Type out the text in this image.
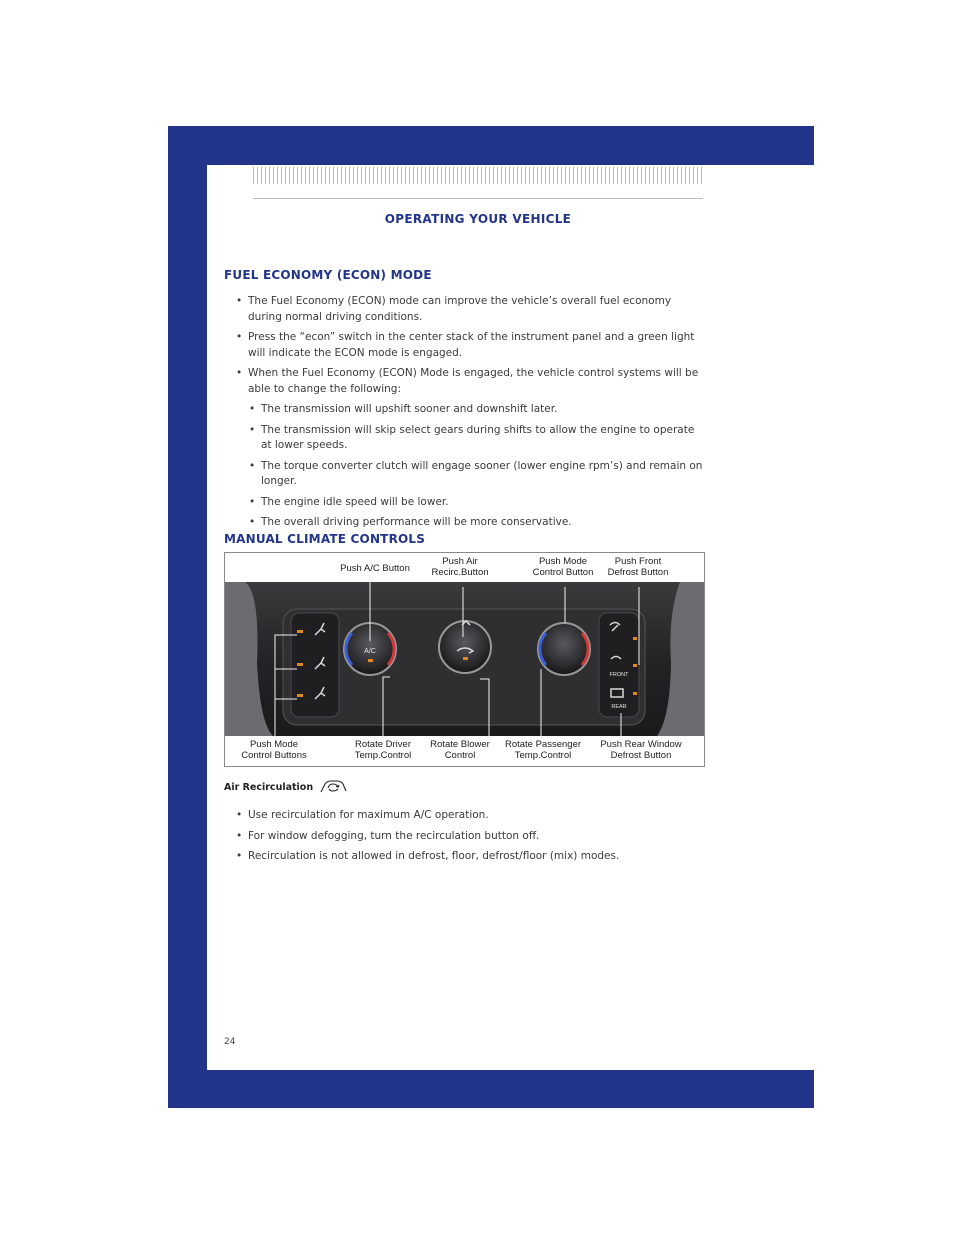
OPERATING YOUR VEHICLE
FUEL ECONOMY (ECON) MODE
• The Fuel Economy (ECON) mode can improve the vehicle’s overall fuel economy during normal driving conditions.
• Press the “econ” switch in the center stack of the instrument panel and a green light will indicate the ECON mode is engaged.
• When the Fuel Economy (ECON) Mode is engaged, the vehicle control systems will be able to change the following:
• The transmission will upshift sooner and downshift later.
• The transmission will skip select gears during shifts to allow the engine to operate at lower speeds.
• The torque converter clutch will engage sooner (lower engine rpm’s) and remain on longer.
• The engine idle speed will be lower.
• The overall driving performance will be more conservative.
MANUAL CLIMATE CONTROLS
A/C
FRONT
REAR
Push A/C Button
Push Air
Recirc.Button
Push Mode
Control Button
Push Front
Defrost Button
Push Mode
Control Buttons
Rotate Driver
Temp.Control
Rotate Blower
Control
Rotate Passenger
Temp.Control
Push Rear Window
Defrost Button
Air Recirculation
• Use recirculation for maximum A/C operation.
• For window defogging, turn the recirculation button off.
• Recirculation is not allowed in defrost, floor, defrost/floor (mix) modes.
24
